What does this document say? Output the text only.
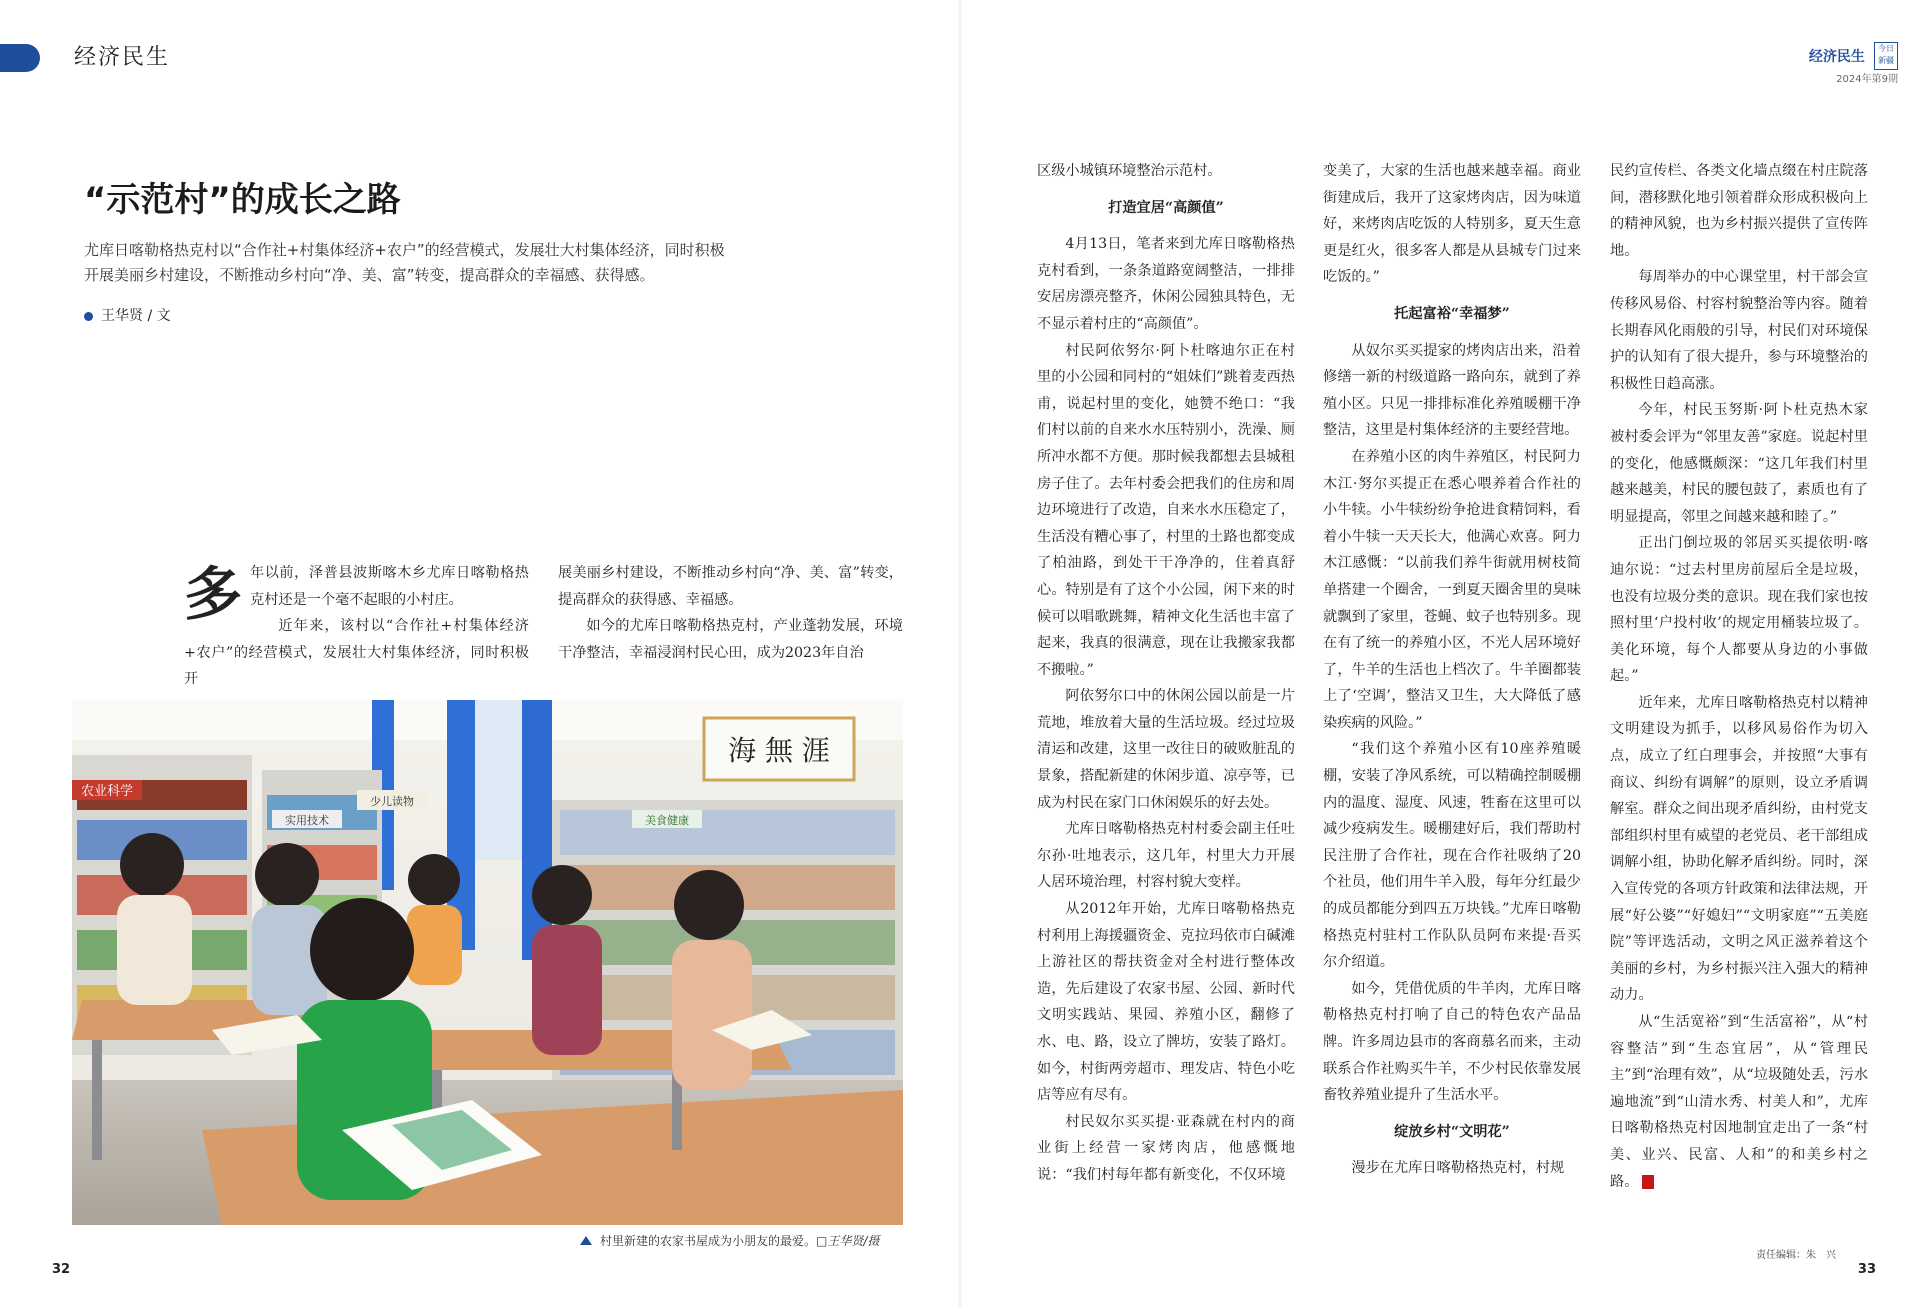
经济民生	经济民生 今日新疆
2024年第9期
“示范村”的成长之路
尤库日喀勒格热克村以“合作社+村集体经济+农户”的经营模式，发展壮大村集体经济，同时积极开展美丽乡村建设，不断推动乡村向“净、美、富”转变，提高群众的幸福感、获得感。
王华贤 / 文
多 年以前，泽普县波斯喀木乡尤库日喀勒格热克村还是一个毫不起眼的小村庄。

近年来，该村以“合作社+村集体经济+农户”的经营模式，发展壮大村集体经济，同时积极开

展美丽乡村建设，不断推动乡村向“净、美、富”转变，提高群众的获得感、幸福感。

如今的尤库日喀勒格热克村，产业蓬勃发展，环境干净整洁，幸福浸润村民心田，成为2023年自治

海 無 涯
农业科学
实用技术
少儿读物
美食健康
村里新建的农家书屋成为小朋友的最爱。□王华贤/摄

区级小城镇环境整治示范村。

打造宜居“高颜值”

4月13日，笔者来到尤库日喀勒格热克村看到，一条条道路宽阔整洁，一排排安居房漂亮整齐，休闲公园独具特色，无不显示着村庄的“高颜值”。

村民阿依努尔·阿卜杜喀迪尔正在村里的小公园和同村的“姐妹们”跳着麦西热甫，说起村里的变化，她赞不绝口：“我们村以前的自来水水压特别小，洗澡、厕所冲水都不方便。那时候我都想去县城租房子住了。去年村委会把我们的住房和周边环境进行了改造，自来水水压稳定了，生活没有糟心事了，村里的土路也都变成了柏油路，到处干干净净的，住着真舒心。特别是有了这个小公园，闲下来的时候可以唱歌跳舞，精神文化生活也丰富了起来，我真的很满意，现在让我搬家我都不搬啦。”

阿依努尔口中的休闲公园以前是一片荒地，堆放着大量的生活垃圾。经过垃圾清运和改建，这里一改往日的破败脏乱的景象，搭配新建的休闲步道、凉亭等，已成为村民在家门口休闲娱乐的好去处。

尤库日喀勒格热克村村委会副主任吐尔孙·吐地表示，这几年，村里大力开展人居环境治理，村容村貌大变样。

从2012年开始，尤库日喀勒格热克村利用上海援疆资金、克拉玛依市白碱滩上游社区的帮扶资金对全村进行整体改造，先后建设了农家书屋、公园、新时代文明实践站、果园、养殖小区，翻修了水、电、路，设立了牌坊，安装了路灯。如今，村街两旁超市、理发店、特色小吃店等应有尽有。

村民奴尔买买提·亚森就在村内的商业街上经营一家烤肉店，他感慨地说：“我们村每年都有新变化，不仅环境

变美了，大家的生活也越来越幸福。商业街建成后，我开了这家烤肉店，因为味道好，来烤肉店吃饭的人特别多，夏天生意更是红火，很多客人都是从县城专门过来吃饭的。”

托起富裕“幸福梦”

从奴尔买买提家的烤肉店出来，沿着修缮一新的村级道路一路向东，就到了养殖小区。只见一排排标准化养殖暖棚干净整洁，这里是村集体经济的主要经营地。

在养殖小区的肉牛养殖区，村民阿力木江·努尔买提正在悉心喂养着合作社的小牛犊。小牛犊纷纷争抢进食精饲料，看着小牛犊一天天长大，他满心欢喜。阿力木江感慨：“以前我们养牛街就用树枝简单搭建一个圈舍，一到夏天圈舍里的臭味就飘到了家里，苍蝇、蚊子也特别多。现在有了统一的养殖小区，不光人居环境好了，牛羊的生活也上档次了。牛羊圈都装上了‘空调’，整洁又卫生，大大降低了感染疾病的风险。”

“我们这个养殖小区有10座养殖暖棚，安装了净风系统，可以精确控制暖棚内的温度、湿度、风速，牲畜在这里可以减少疫病发生。暖棚建好后，我们帮助村民注册了合作社，现在合作社吸纳了20个社员，他们用牛羊入股，每年分红最少的成员都能分到四五万块钱。”尤库日喀勒格热克村驻村工作队队员阿布来提·吾买尔介绍道。

如今，凭借优质的牛羊肉，尤库日喀勒格热克村打响了自己的特色农产品品牌。许多周边县市的客商慕名而来，主动联系合作社购买牛羊，不少村民依靠发展畜牧养殖业提升了生活水平。

绽放乡村“文明花”

漫步在尤库日喀勒格热克村，村规

民约宣传栏、各类文化墙点缀在村庄院落间，潜移默化地引领着群众形成积极向上的精神风貌，也为乡村振兴提供了宣传阵地。

每周举办的中心课堂里，村干部会宣传移风易俗、村容村貌整治等内容。随着长期春风化雨般的引导，村民们对环境保护的认知有了很大提升，参与环境整治的积极性日趋高涨。

今年，村民玉努斯·阿卜杜克热木家被村委会评为“邻里友善”家庭。说起村里的变化，他感慨颇深：“这几年我们村里越来越美，村民的腰包鼓了，素质也有了明显提高，邻里之间越来越和睦了。”

正出门倒垃圾的邻居买买提依明·喀迪尔说：“过去村里房前屋后全是垃圾，也没有垃圾分类的意识。现在我们家也按照村里‘户投村收’的规定用桶装垃圾了。美化环境，每个人都要从身边的小事做起。”

近年来，尤库日喀勒格热克村以精神文明建设为抓手，以移风易俗作为切入点，成立了红白理事会，并按照“大事有商议、纠纷有调解”的原则，设立矛盾调解室。群众之间出现矛盾纠纷，由村党支部组织村里有威望的老党员、老干部组成调解小组，协助化解矛盾纠纷。同时，深入宣传党的各项方针政策和法律法规，开展“好公婆”“好媳妇”“文明家庭”“五美庭院”等评选活动，文明之风正滋养着这个美丽的乡村，为乡村振兴注入强大的精神动力。

从“生活宽裕”到“生活富裕”，从“村容整洁”到“生态宜居”，从“管理民主”到“治理有效”，从“垃圾随处丢，污水遍地流”到“山清水秀、村美人和”，尤库日喀勒格热克村因地制宜走出了一条“村美、业兴、民富、人和”的和美乡村之路。

32
责任编辑：朱　兴
33
